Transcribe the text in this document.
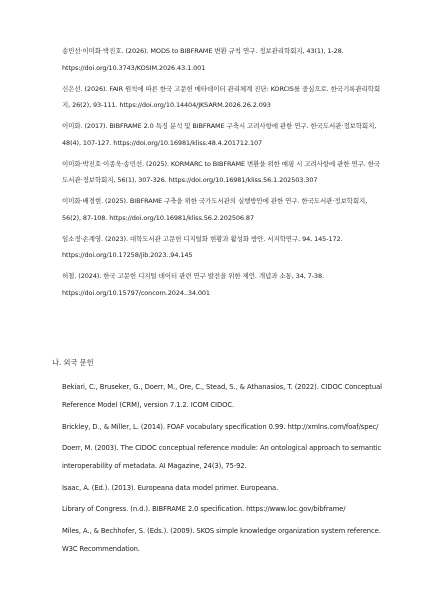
송민선·이미화·박진호. (2026). MODS to BIBFRAME 변환 규칙 연구. 정보관리학회지, 43(1), 1-28. https://doi.org/10.3743/KOSIM.2026.43.1.001

신은선. (2026). FAIR 원칙에 따른 한국 고문헌 메타데이터 관리체계 진단: KORCIS를 중심으로. 한국기록관리학회지, 26(2), 93-111. https://doi.org/10.14404/JKSARM.2026.26.2.093

이미화. (2017). BIBFRAME 2.0 특징 분석 및 BIBFRAME 구축시 고려사항에 관한 연구. 한국도서관·정보학회지, 48(4), 107-127. https://doi.org/10.16981/kliss.48.4.201712.107

이미화·박진호·이종욱·송민선. (2025). KORMARC to BIBFRAME 변환을 위한 매핑 시 고려사항에 관한 연구. 한국도서관·정보학회지, 56(1), 307-326. https://doi.org/10.16981/kliss.56.1.202503.307

이미화·배경현. (2025). BIBFRAME 구축을 위한 국가도서관의 실행방안에 관한 연구. 한국도서관·정보학회지, 56(2), 87-108. https://doi.org/10.16981/kliss.56.2.202506.87

임소정·손계영. (2023). 대학도서관 고문헌 디지털화 현황과 활성화 방안. 서지학연구, 94, 145-172. https://doi.org/10.17258/jib.2023..94.145

허철. (2024). 한국 고문헌 디지털 데이터 관련 연구 발전을 위한 제언. 개념과 소통, 34, 7-38. https://doi.org/10.15797/concom.2024..34.001

나. 외국 문헌

Bekiari, C., Bruseker, G., Doerr, M., Ore, C., Stead, S., & Athanasios, T. (2022). CIDOC Conceptual Reference Model (CRM), version 7.1.2. ICOM CIDOC.

Brickley, D., & Miller, L. (2014). FOAF vocabulary specification 0.99. http://xmlns.com/foaf/spec/

Doerr, M. (2003). The CIDOC conceptual reference module: An ontological approach to semantic interoperability of metadata. AI Magazine, 24(3), 75-92.

Isaac, A. (Ed.). (2013). Europeana data model primer. Europeana.

Library of Congress. (n.d.). BIBFRAME 2.0 specification. https://www.loc.gov/bibframe/

Miles, A., & Bechhofer, S. (Eds.). (2009). SKOS simple knowledge organization system reference. W3C Recommendation.
